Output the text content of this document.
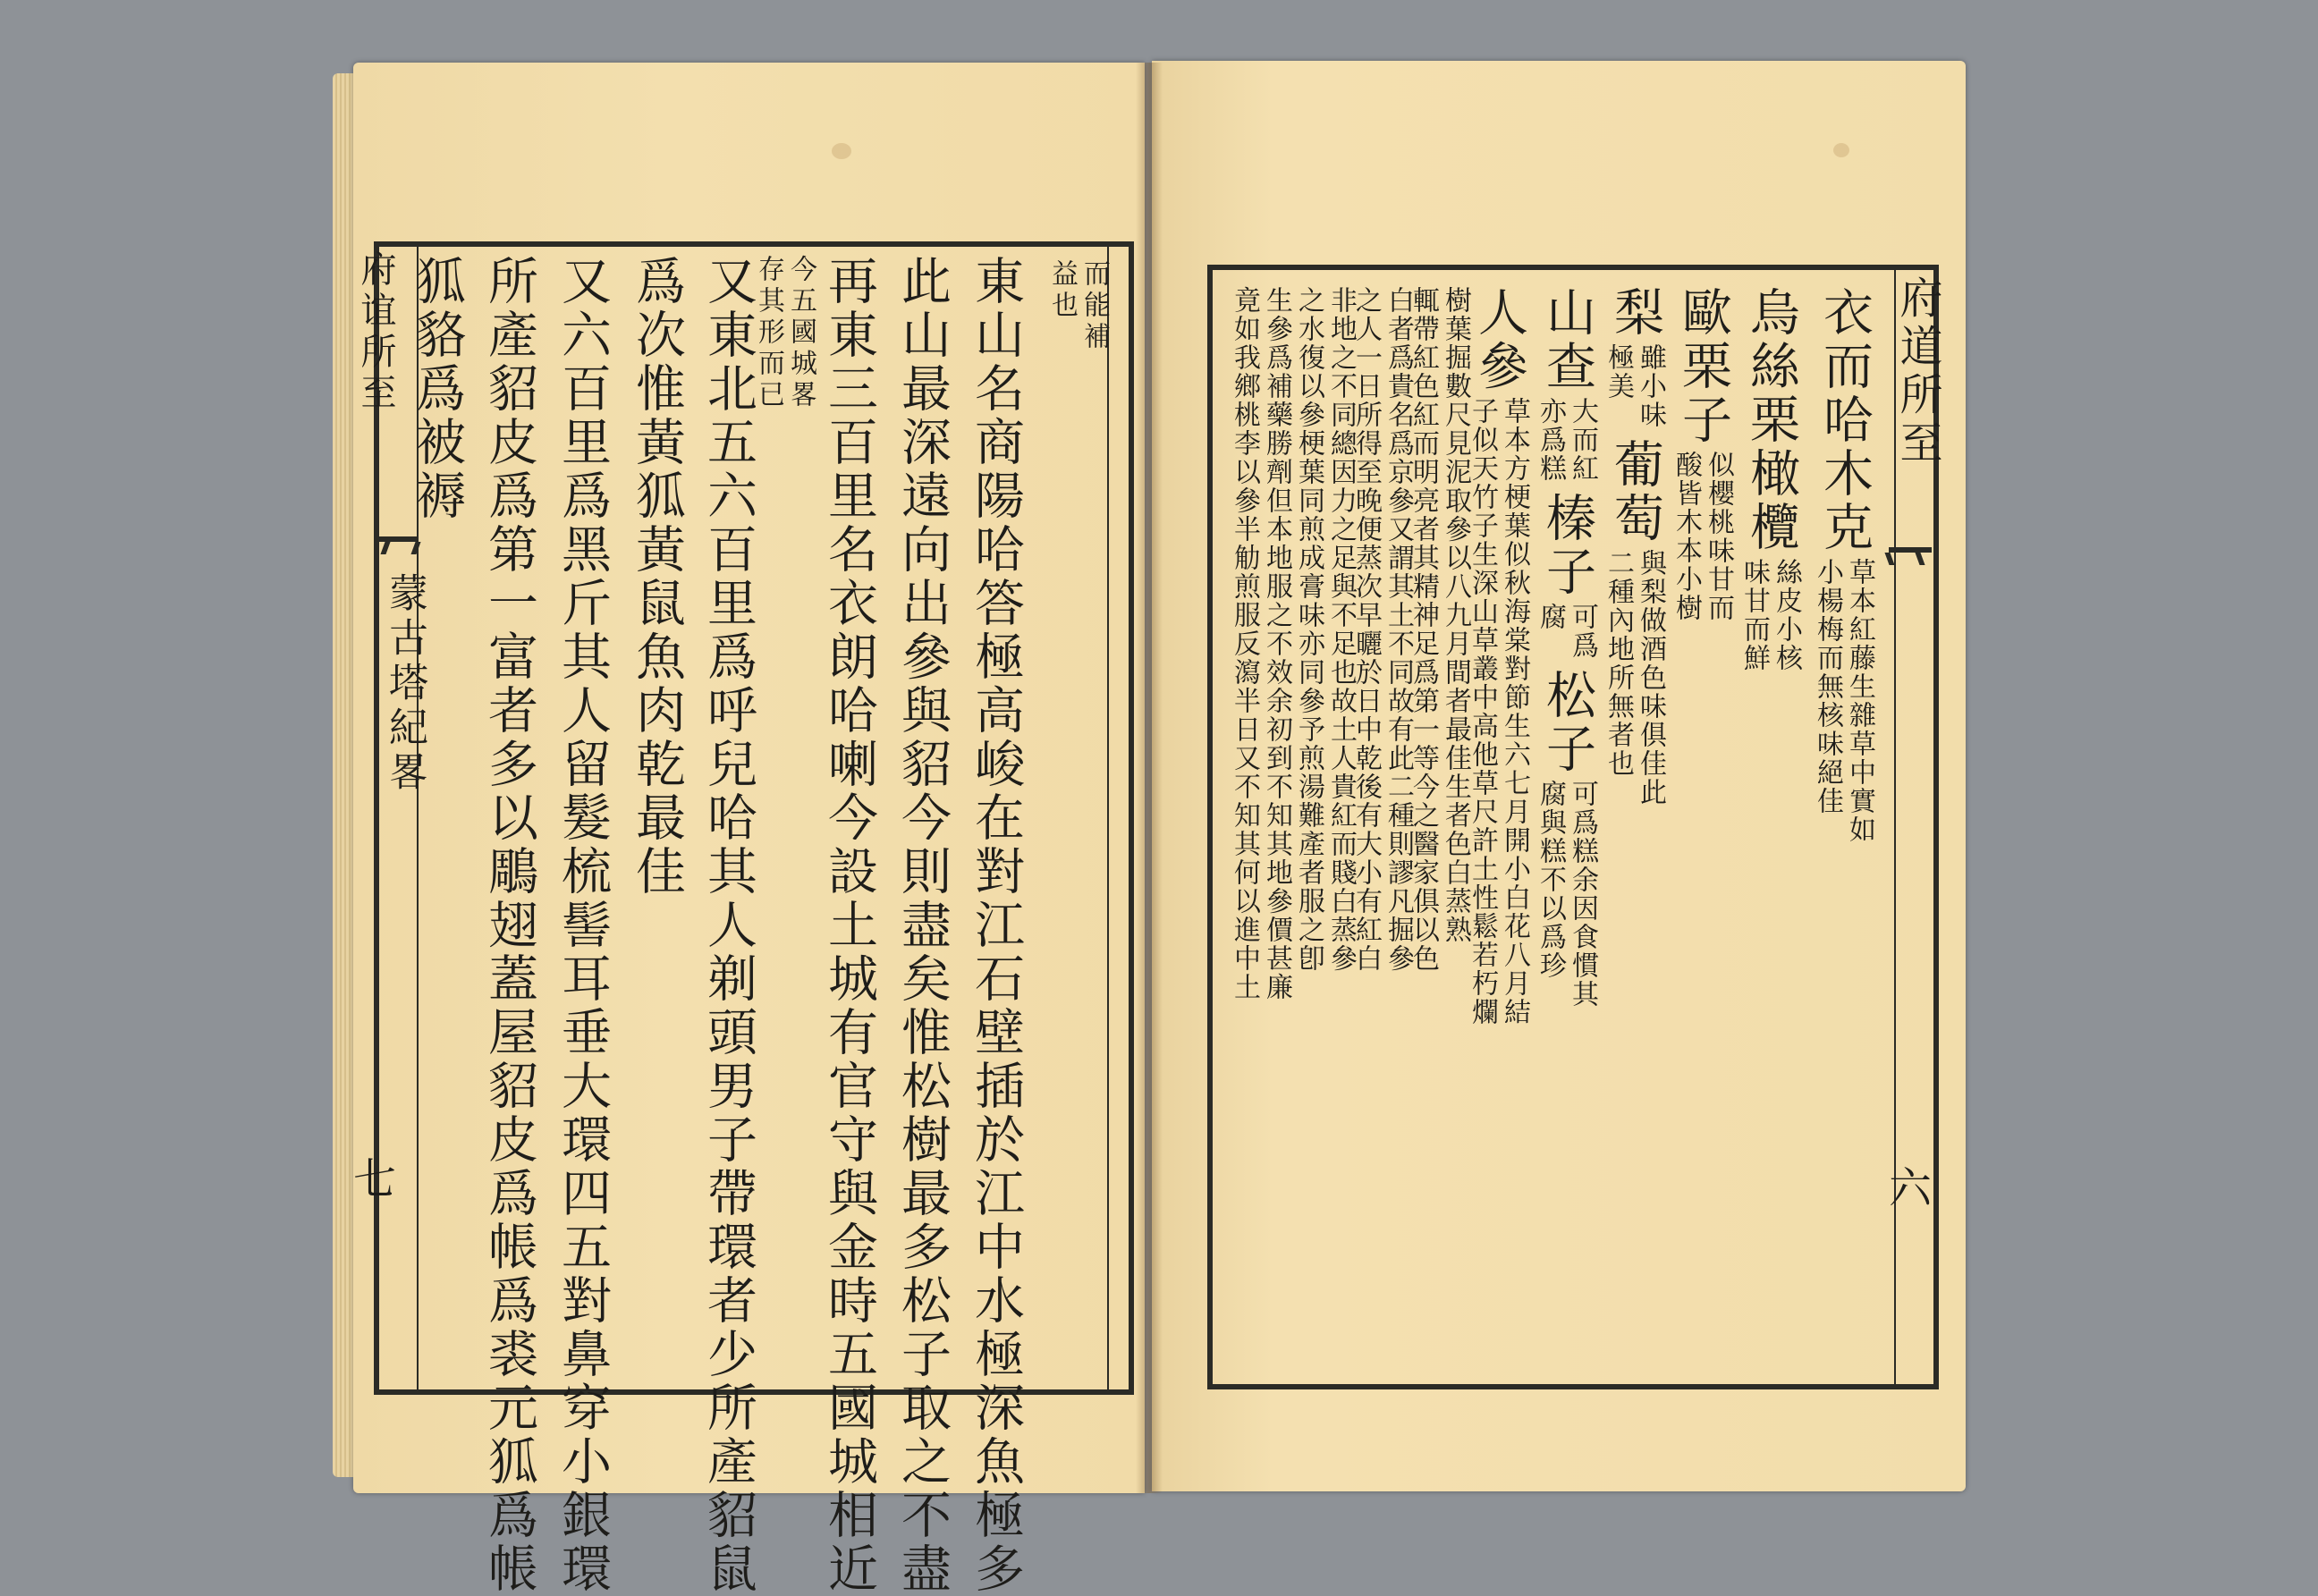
府谊所至
蒙古塔紀畧
七
而能補
益也
東山名商陽哈答極高峻在對江石壁插於江中水極深魚極多
此山最深遠向出參與貂今則盡矣惟松樹最多松子取之不盡
再東三百里名衣朗哈喇今設土城有官守與金時五國城相近
又東北五六百里爲呼兒哈其人剃頭男子帶環者少所產貂鼠
爲次惟黃狐黃鼠魚肉乾最佳
又六百里爲黑斤其人留髮梳髻耳垂大環四五對鼻穿小銀環
所產貂皮爲第一富者多以鵰翅蓋屋貂皮爲帳爲裘元狐爲帳
狐貉爲被褥	今五國城畧
存其形而已	府道所至
六
衣而哈木克
草本紅藤生雜草中實如
小楊梅而無核味絕佳
烏絲栗橄欖
絲皮小核
味甘而鮮
歐栗子
似櫻桃味甘而
酸皆木本小樹
梨
雖小味
極美
葡萄
與梨做酒色味俱佳此
二種內地所無者也
山查
大而紅
亦爲糕
榛子
可爲
腐
松子
可爲糕余因食慣其
腐與糕不以爲珍
人參
草本方梗葉似秋海棠對節生六七月開小白花八月結
子似天竹子生深山草叢中高他草尺許土性鬆若朽爛
樹葉掘數尺見泥取參以八九月間者最佳生者色白蒸熟
輒帶紅色紅而明亮者其精神足爲第一等今之醫家俱以色
白者爲貴名爲京參又謂其土不同故有此二種則謬凡掘參
之人一日所得至晚便蒸次早曬於日中乾後有大小有紅白
非地之不同總因力之足與不足也故土人貴紅而賤白蒸參
之水復以參梗葉同煎成膏味亦同參予煎湯難產者服之卽
生參爲補藥勝劑但本地服之不效余初到不知其地參價甚廉
竟如我鄉桃李以參半觔煎服反瀉半日又不知其何以進中土
